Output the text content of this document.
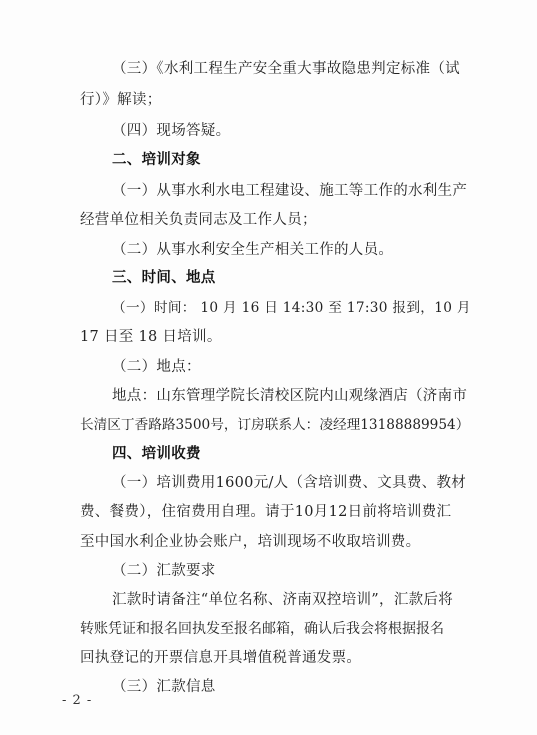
（三）《水利工程生产安全重大事故隐患判定标准（试
行）》解读；
（四）现场答疑。
二、培训对象
（一）从事水利水电工程建设、施工等工作的水利生产
经营单位相关负责同志及工作人员；
（二）从事水利安全生产相关工作的人员。
三、时间、地点
（一）时间： 10 月 16 日 14:30 至 17:30 报到，10 月
17 日至 18 日培训。
（二）地点：
地点：山东管理学院长清校区院内山观缘酒店（济南市
长清区丁香路路3500号，订房联系人：凌经理13188889954）
四、培训收费
（一）培训费用1600元/人（含培训费、文具费、教材
费、餐费），住宿费用自理。请于10月12日前将培训费汇
至中国水利企业协会账户，培训现场不收取培训费。
（二）汇款要求
汇款时请备注“单位名称、济南双控培训”，汇款后将
转账凭证和报名回执发至报名邮箱，确认后我会将根据报名
回执登记的开票信息开具增值税普通发票。
（三）汇款信息
- 2 -
